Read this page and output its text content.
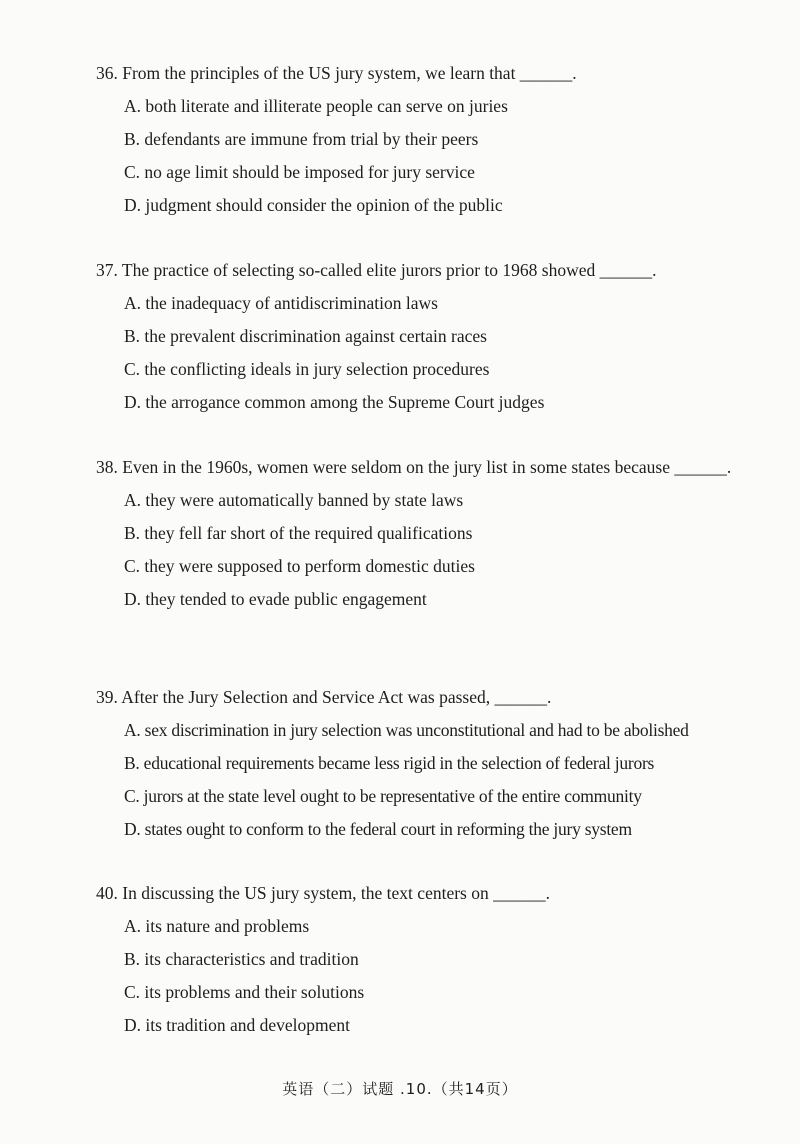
36. From the principles of the US jury system, we learn that ______.

A. both literate and illiterate people can serve on juries

B. defendants are immune from trial by their peers

C. no age limit should be imposed for jury service

D. judgment should consider the opinion of the public

37. The practice of selecting so-called elite jurors prior to 1968 showed ______.

A. the inadequacy of antidiscrimination laws

B. the prevalent discrimination against certain races

C. the conflicting ideals in jury selection procedures

D. the arrogance common among the Supreme Court judges

38. Even in the 1960s, women were seldom on the jury list in some states because ______.

A. they were automatically banned by state laws

B. they fell far short of the required qualifications

C. they were supposed to perform domestic duties

D. they tended to evade public engagement

39. After the Jury Selection and Service Act was passed, ______.

A. sex discrimination in jury selection was unconstitutional and had to be abolished

B. educational requirements became less rigid in the selection of federal jurors

C. jurors at the state level ought to be representative of the entire community

D. states ought to conform to the federal court in reforming the jury system

40. In discussing the US jury system, the text centers on ______.

A. its nature and problems

B. its characteristics and tradition

C. its problems and their solutions

D. its tradition and development

英语（二）试题 .10.（共14页）
